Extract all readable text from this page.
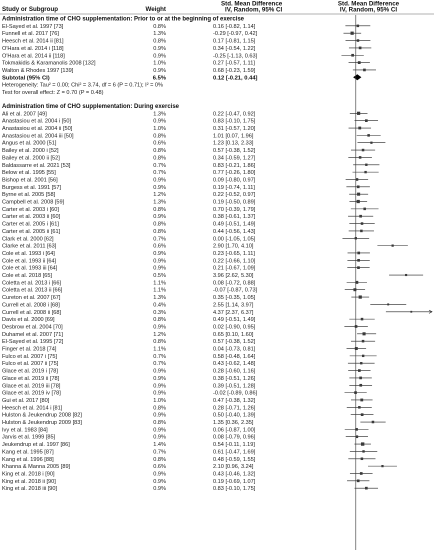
Study or Subgroup	Weight
Std. Mean Difference
IV, Random, 95% CI
Std. Mean Difference
IV, Random, 95% CI
Administration time of CHO supplementation: Prior to or at the beginning of exercise
El-Sayed et al. 1997 [73]	0.8%	0.16 [-0.82, 1.14]
Funnell et al. 2017 [76]	1.3%	-0.29 [-0.97, 0.42]
Heesch et al. 2014 ii [81]	0.8%	0.17 [-0.81, 1.15]
O'Hara et al. 2014 i [118]	0.9%	0.34 [-0.54, 1.22]
O'Hara et al. 2014 ii [118]	0.9%	-0.25 [-1.13, 0.63]
Tokmakidis & Karamanolis 2008 [132]	1.0%	0.27 [-0.57, 1.11]
Walton & Rhodes 1997 [139]	0.9%	0.68 [-0.23, 1.59]
Subtotal (95% CI)	6.5%	0.12 [-0.21, 0.44]
Heterogeneity: Tau² = 0.00; Chi² = 3.74, df = 6 (P = 0.71); I² = 0%
Test for overall effect: Z = 0.70 (P = 0.48)
Administration time of CHO supplementation: During exercise
Ali et al. 2007 [49]	1.3%	0.22 [-0.47, 0.92]
Anastasiou et al. 2004 i [50]	0.9%	0.83 [-0.10, 1.75]
Anastasiou et al. 2004 ii [50]	1.0%	0.31 [-0.57, 1.20]
Anastasiou et al. 2004 iii [50]	0.8%	1.01 [0.07, 1.96]
Angus et al. 2000 [51]	0.6%	1.23 [0.13, 2.33]
Bailey et al. 2000 i [52]	0.8%	0.57 [-0.38, 1.52]
Bailey et al. 2000 ii [52]	0.8%	0.34 [-0.59, 1.27]
Baldassarre et al. 2021 [53]	0.7%	0.83 [-0.21, 1.86]
Below et al. 1995 [55]	0.7%	0.77 [-0.26, 1.80]
Bishop et al. 2001 [56]	0.9%	0.09 [-0.80, 0.97]
Burgess et al. 1991 [57]	0.9%	0.19 [-0.74, 1.11]
Byrne et al. 2005 [58]	1.2%	0.22 [-0.52, 0.97]
Campbell et al. 2008 [59]	1.3%	0.19 [-0.50, 0.89]
Carter et al. 2003 i [60]	0.8%	0.70 [-0.39, 1.79]
Carter et al. 2003 ii [60]	0.9%	0.38 [-0.61, 1.37]
Carter et al. 2005 i [61]	0.8%	0.49 [-0.51, 1.49]
Carter et al. 2005 ii [61]	0.8%	0.44 [-0.56, 1.43]
Clark et al. 2000 [62]	0.7%	0.00 [-1.05, 1.05]
Clarke et al. 2011 [63]	0.6%	2.90 [1.70, 4.10]
Cole et al. 1993 i [64]	0.9%	0.23 [-0.65, 1.11]
Cole et al. 1993 ii [64]	0.9%	0.22 [-0.66, 1.10]
Cole et al. 1993 iii [64]	0.9%	0.21 [-0.67, 1.09]
Cole et al. 2018 [65]	0.5%	3.96 [2.62, 5.30]
Coletta et al. 2013 i [66]	1.1%	0.08 [-0.72, 0.88]
Coletta et al. 2013 ii [66]	1.1%	-0.07 [-0.87, 0.73]
Cureton et al. 2007 [67]	1.3%	0.35 [-0.35, 1.05]
Currell et al. 2008 i [68]	0.4%	2.55 [1.14, 3.97]
Currell et al. 2008 ii [68]	0.3%	4.37 [2.37, 6.37]
Davis et al. 2000 [69]	0.8%	0.49 [-0.51, 1.49]
Desbrow et al. 2004 [70]	0.9%	0.02 [-0.90, 0.95]
Duhamel et al. 2007 [71]	1.2%	0.65 [0.10, 1.60]
El-Sayed et al. 1995 [72]	0.8%	0.57 [-0.38, 1.52]
Finger et al. 2018 [74]	1.1%	0.04 [-0.73, 0.81]
Fulco et al. 2007 i [75]	0.7%	0.58 [-0.48, 1.64]
Fulco et al. 2007 ii [75]	0.7%	0.43 [-0.62, 1.48]
Glace et al. 2019 i [78]	0.9%	0.28 [-0.60, 1.16]
Glace et al. 2019 ii [78]	0.9%	0.38 [-0.51, 1.26]
Glace et al. 2019 iii [78]	0.9%	0.39 [-0.51, 1.28]
Glace et al. 2019 iv [78]	0.9%	-0.02 [-0.89, 0.86]
Gui et al. 2017 [80]	1.0%	0.47 [-0.38, 1.32]
Heesch et al. 2014 i [81]	0.8%	0.28 [-0.71, 1.26]
Hulston & Jeukendrup 2008 [82]	0.9%	0.50 [-0.40, 1.39]
Hulston & Jeukendrup 2009 [83]	0.8%	1.35 [0.36, 2.35]
Ivy et al. 1983 [84]	0.9%	0.06 [-0.87, 1.00]
Jarvis et al. 1999 [85]	0.9%	0.08 [-0.79, 0.96]
Jeukendrup et al. 1997 [86]	1.4%	0.54 [-0.11, 1.19]
Kang et al. 1995 [87]	0.7%	0.61 [-0.47, 1.69]
Kang et al. 1996 [88]	0.8%	0.48 [-0.59, 1.55]
Khanna & Manna 2005 [89]	0.6%	2.10 [0.96, 3.24]
King et al. 2018 i [90]	0.9%	0.43 [-0.46, 1.32]
King et al. 2018 ii [90]	0.9%	0.19 [-0.69, 1.07]
King et al. 2018 iii [90]	0.9%	0.83 [-0.10, 1.75]
